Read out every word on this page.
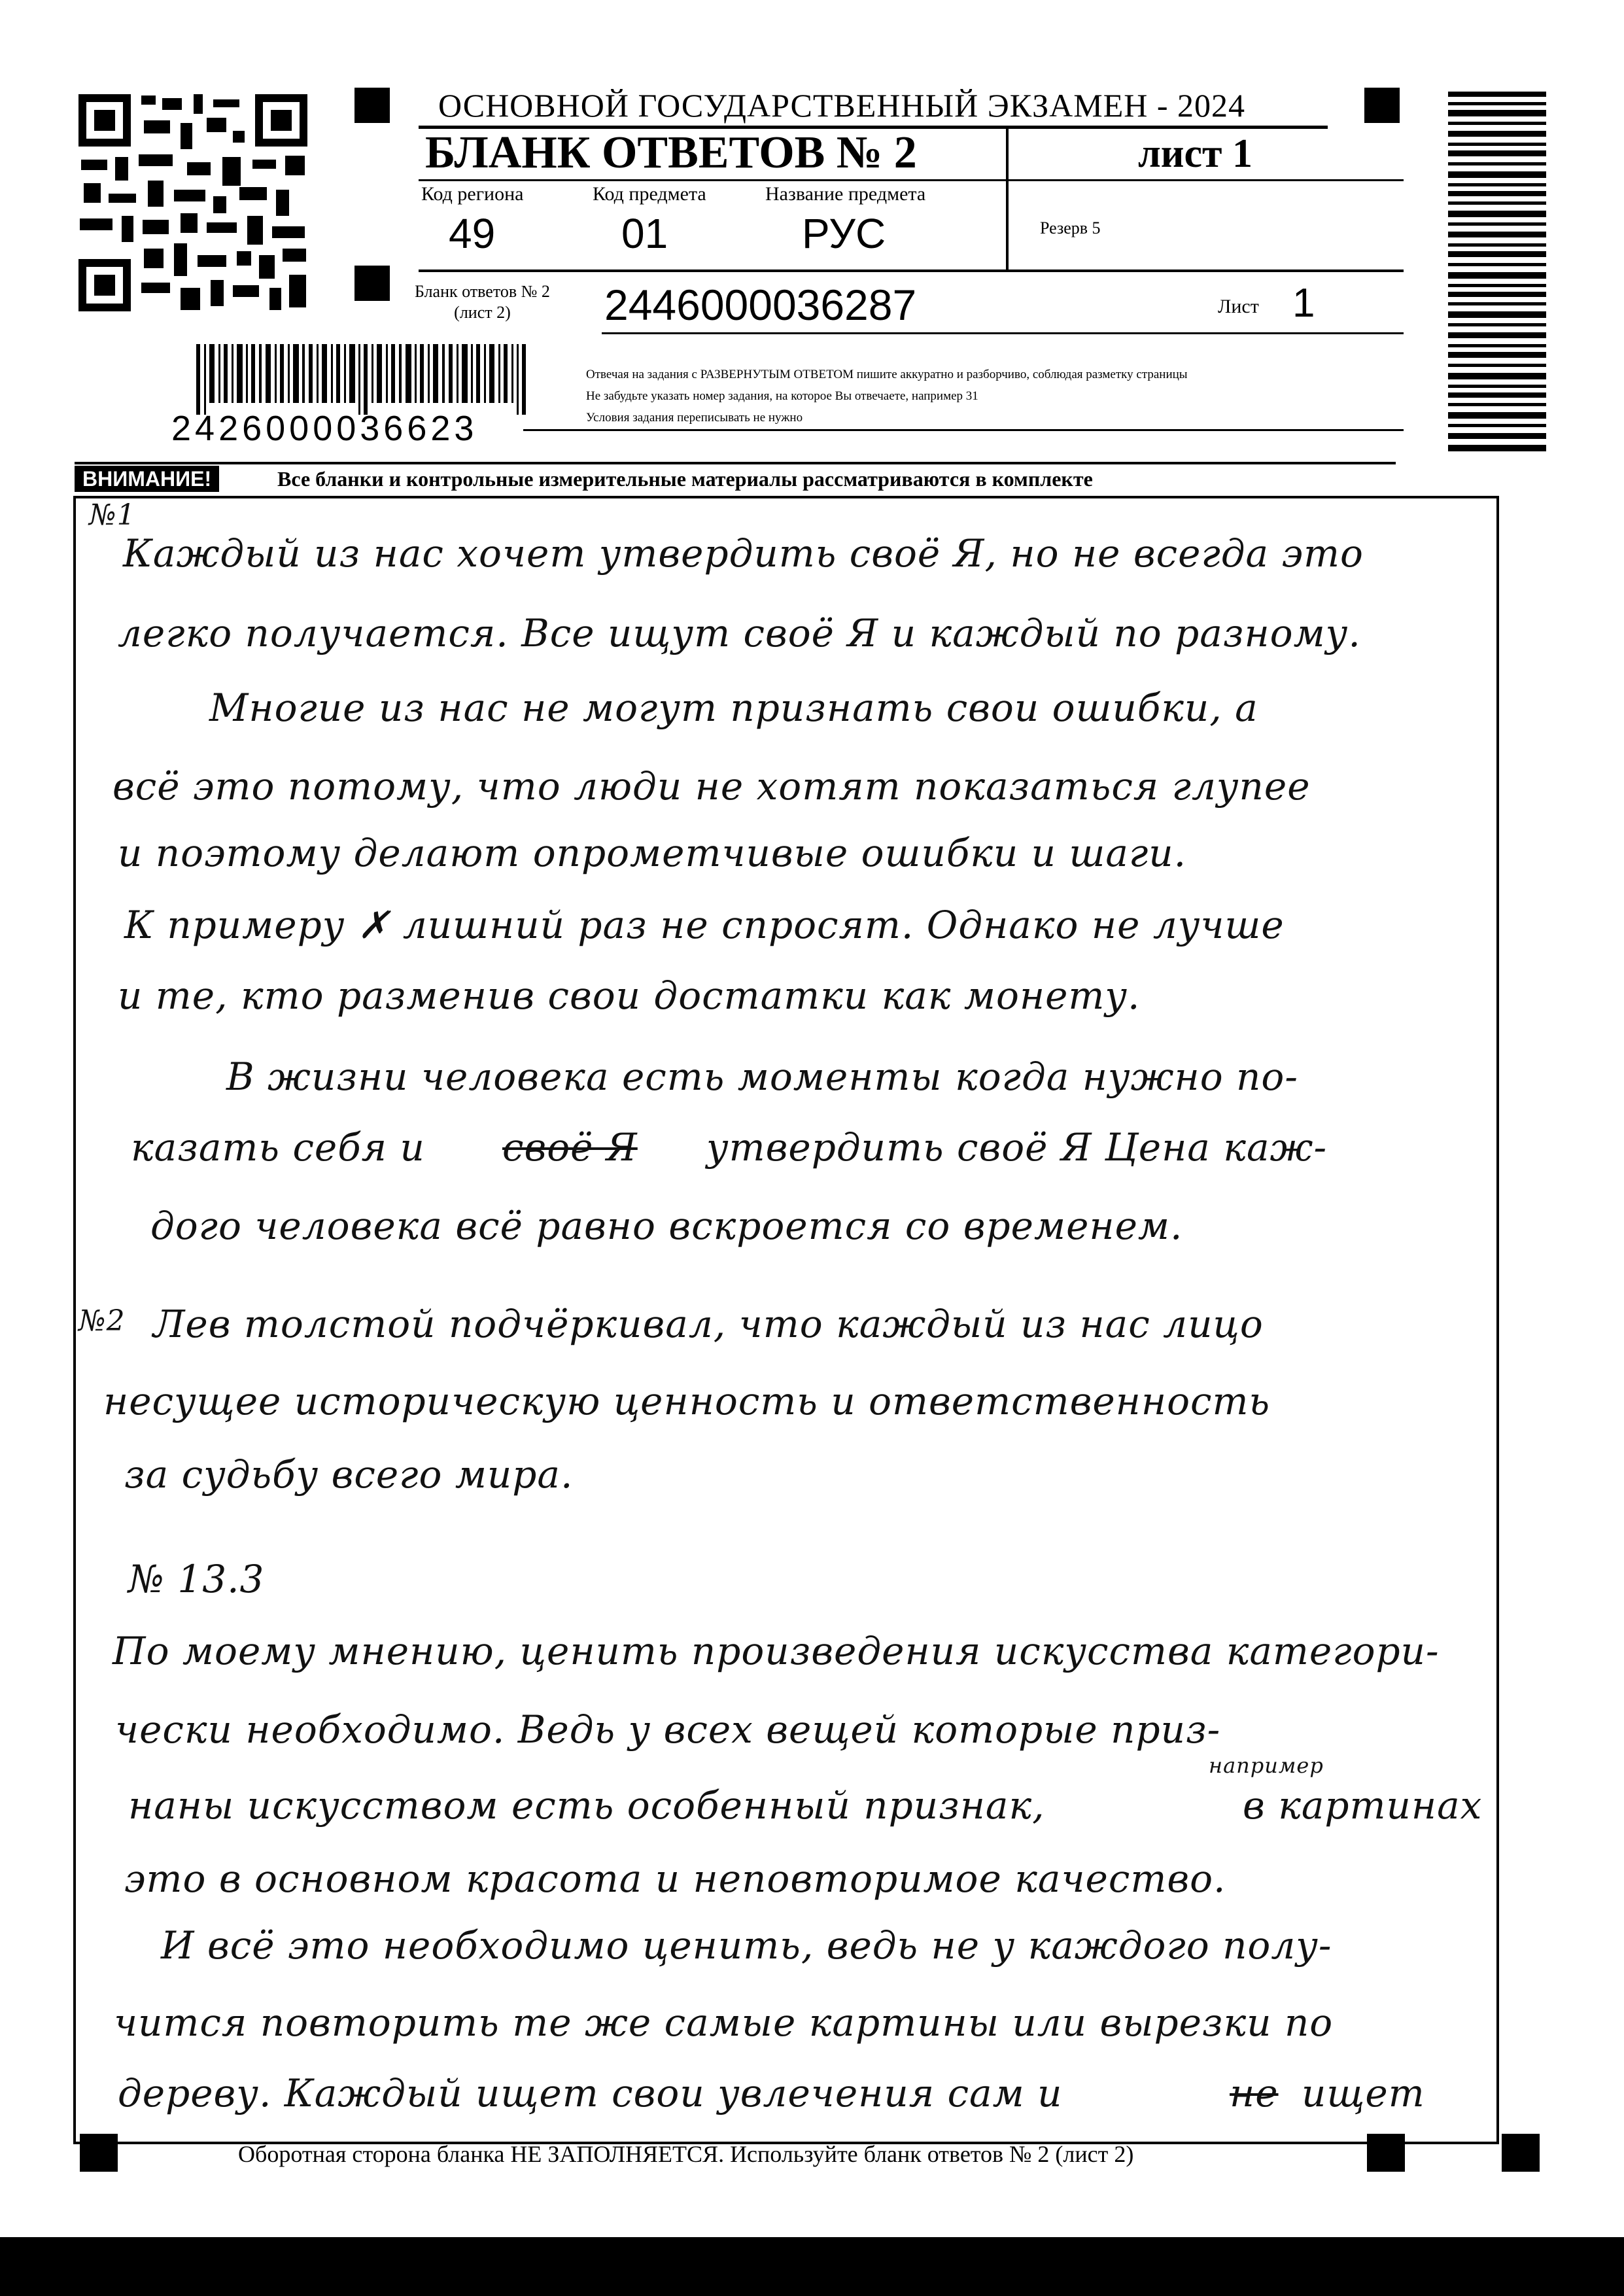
ОСНОВНОЙ ГОСУДАРСТВЕННЫЙ ЭКЗАМЕН - 2024
БЛАНК ОТВЕТОВ № 2	лист 1
Код региона	Код предмета	Название предмета
49	01	РУС	Резерв 5
Бланк ответов № 2
(лист 2)	2446000036287	Лист 1
2426000036623
Отвечая на задания с РАЗВЕРНУТЫМ ОТВЕТОМ пишите аккуратно и разборчиво, соблюдая разметку страницы
Не забудьте указать номер задания, на которое Вы отвечаете, например 31
Условия задания переписывать не нужно
ВНИМАНИЕ!	Все бланки и контрольные измерительные материалы рассматриваются в комплекте
№1
Каждый из нас хочет утвердить своё Я, но не всегда это
легко получается. Все ищут своё Я и каждый по разному.
Многие из нас не могут признать свои ошибки, а
всё это потому, что люди не хотят показаться глупее
и поэтому делают опрометчивые ошибки и шаги.
К примеру ✗ лишний раз не спросят. Однако не лучше
и те, кто разменив свои достатки как монету.
В жизни человека есть моменты когда нужно по-
казать себя и своё Я утвердить своё Я Цена каж-
дого человека всё равно вскроется со временем.
№2 Лев толстой подчёркивал, что каждый из нас лицо
несущее историческую ценность и ответственность
за судьбу всего мира.
№ 13.3
По моему мнению, ценить произведения искусства категори-
чески необходимо. Ведь у всех вещей которые приз-
например
наны искусством есть особенный признак,	в картинах
это в основном красота и неповторимое качество.
И всё это необходимо ценить, ведь не у каждого полу-
чится повторить те же самые картины или вырезки по
дереву. Каждый ищет свои увлечения сам и	не ищет
Оборотная сторона бланка НЕ ЗАПОЛНЯЕТСЯ. Используйте бланк ответов № 2 (лист 2)
